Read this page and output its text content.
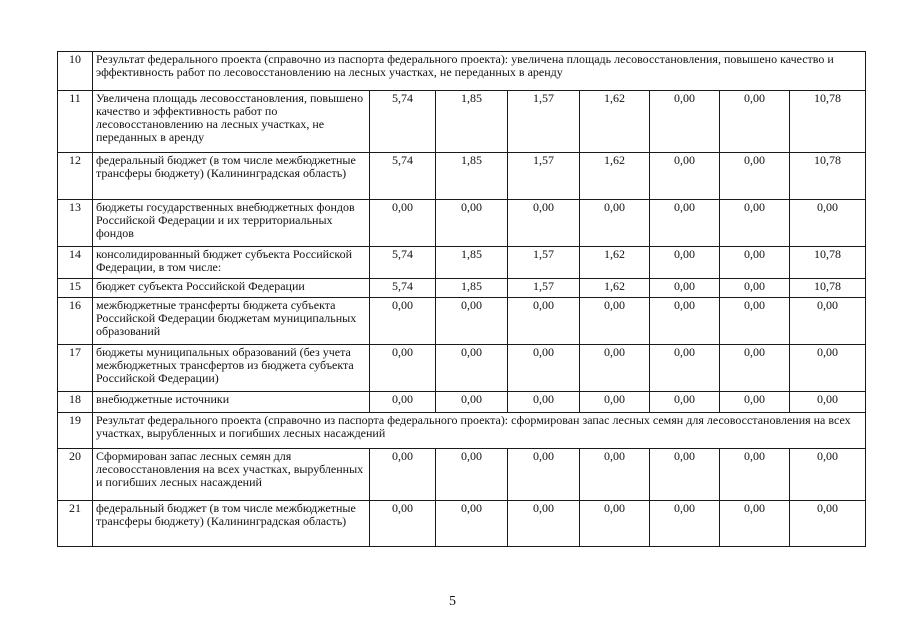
10	Результат федерального проекта (справочно из паспорта федерального проекта): увеличена площадь лесовосстановления, повышено качество и эффективность работ по лесовосстановлению на лесных участках, не переданных в аренду							
11	Увеличена площадь лесовосстановления, повышено качество и эффективность работ по лесовосстановлению на лесных участках, не переданных в аренду	5,74	1,85	1,57	1,62	0,00	0,00	10,78
12	федеральный бюджет (в том числе межбюджетные трансферы бюджету) (Калининградская область)	5,74	1,85	1,57	1,62	0,00	0,00	10,78
13	бюджеты государственных внебюджетных фондов Российской Федерации и их территориальных фондов	0,00	0,00	0,00	0,00	0,00	0,00	0,00
14	консолидированный бюджет субъекта Российской Федерации, в том числе:	5,74	1,85	1,57	1,62	0,00	0,00	10,78
15	бюджет субъекта Российской Федерации	5,74	1,85	1,57	1,62	0,00	0,00	10,78
16	межбюджетные трансферты бюджета субъекта Российской Федерации бюджетам муниципальных образований	0,00	0,00	0,00	0,00	0,00	0,00	0,00
17	бюджеты муниципальных образований (без учета межбюджетных трансфертов из бюджета субъекта Российской Федерации)	0,00	0,00	0,00	0,00	0,00	0,00	0,00
18	внебюджетные источники	0,00	0,00	0,00	0,00	0,00	0,00	0,00
19	Результат федерального проекта (справочно из паспорта федерального проекта): сформирован запас лесных семян для лесовосстановления на всех участках, вырубленных и погибших лесных насаждений							
20	Сформирован запас лесных семян для лесовосстановления на всех участках, вырубленных и погибших лесных насаждений	0,00	0,00	0,00	0,00	0,00	0,00	0,00
21	федеральный бюджет (в том числе межбюджетные трансферы бюджету) (Калининградская область)	0,00	0,00	0,00	0,00	0,00	0,00	0,00
5
